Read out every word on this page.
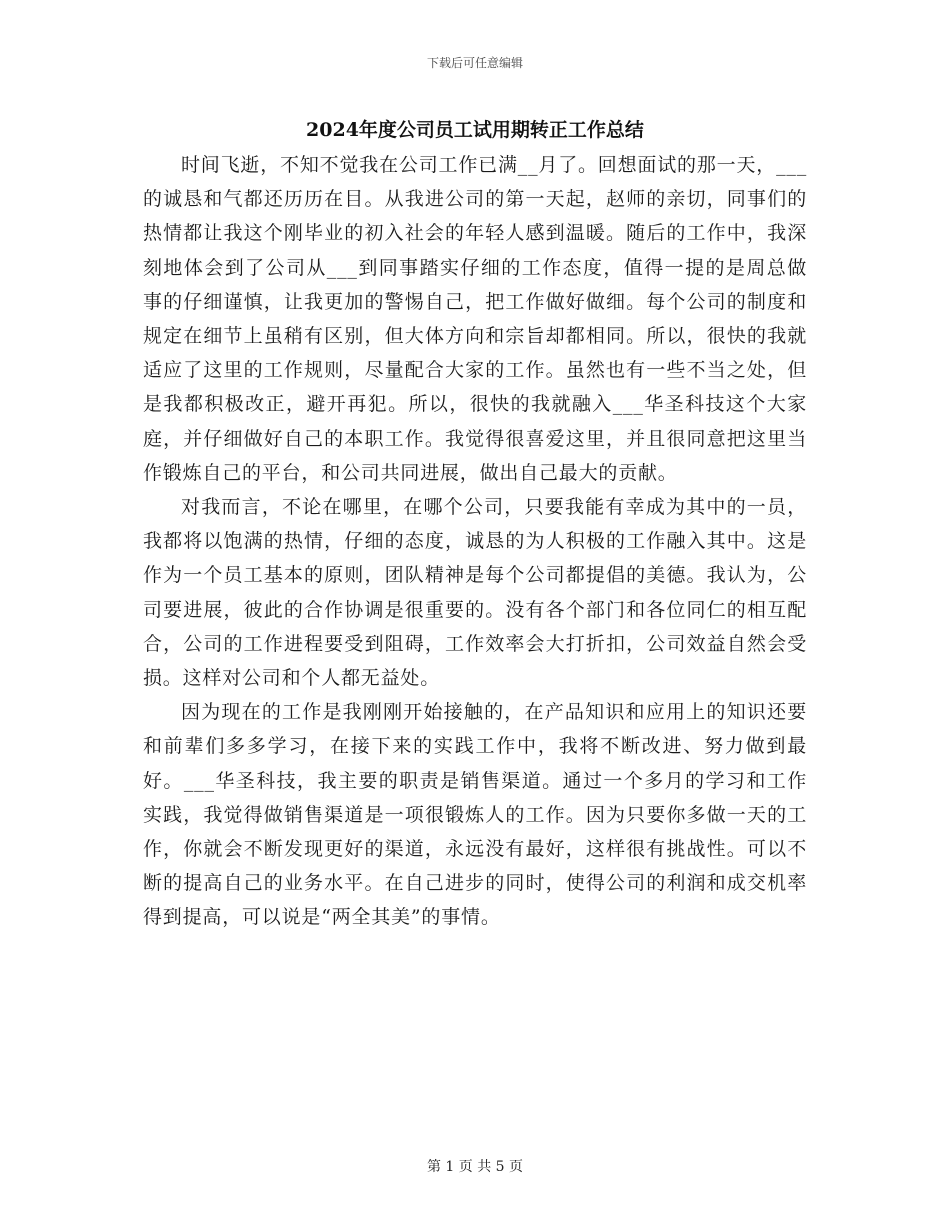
下载后可任意编辑
2024年度公司员工试用期转正工作总结

时间飞逝，不知不觉我在公司工作已满__月了。回想面试的那一天，___的诚恳和气都还历历在目。从我进公司的第一天起，赵师的亲切，同事们的热情都让我这个刚毕业的初入社会的年轻人感到温暖。随后的工作中，我深刻地体会到了公司从___到同事踏实仔细的工作态度，值得一提的是周总做事的仔细谨慎，让我更加的警惕自己，把工作做好做细。每个公司的制度和规定在细节上虽稍有区别，但大体方向和宗旨却都相同。所以，很快的我就适应了这里的工作规则，尽量配合大家的工作。虽然也有一些不当之处，但是我都积极改正，避开再犯。所以，很快的我就融入___华圣科技这个大家庭，并仔细做好自己的本职工作。我觉得很喜爱这里，并且很同意把这里当作锻炼自己的平台，和公司共同进展，做出自己最大的贡献。

对我而言，不论在哪里，在哪个公司，只要我能有幸成为其中的一员，我都将以饱满的热情，仔细的态度，诚恳的为人积极的工作融入其中。这是作为一个员工基本的原则，团队精神是每个公司都提倡的美德。我认为，公司要进展，彼此的合作协调是很重要的。没有各个部门和各位同仁的相互配合，公司的工作进程要受到阻碍，工作效率会大打折扣，公司效益自然会受损。这样对公司和个人都无益处。

因为现在的工作是我刚刚开始接触的，在产品知识和应用上的知识还要和前辈们多多学习，在接下来的实践工作中，我将不断改进、努力做到最好。___华圣科技，我主要的职责是销售渠道。通过一个多月的学习和工作实践，我觉得做销售渠道是一项很锻炼人的工作。因为只要你多做一天的工作，你就会不断发现更好的渠道，永远没有最好，这样很有挑战性。可以不断的提高自己的业务水平。在自己进步的同时，使得公司的利润和成交机率得到提高，可以说是“两全其美”的事情。

第 1 页 共 5 页
